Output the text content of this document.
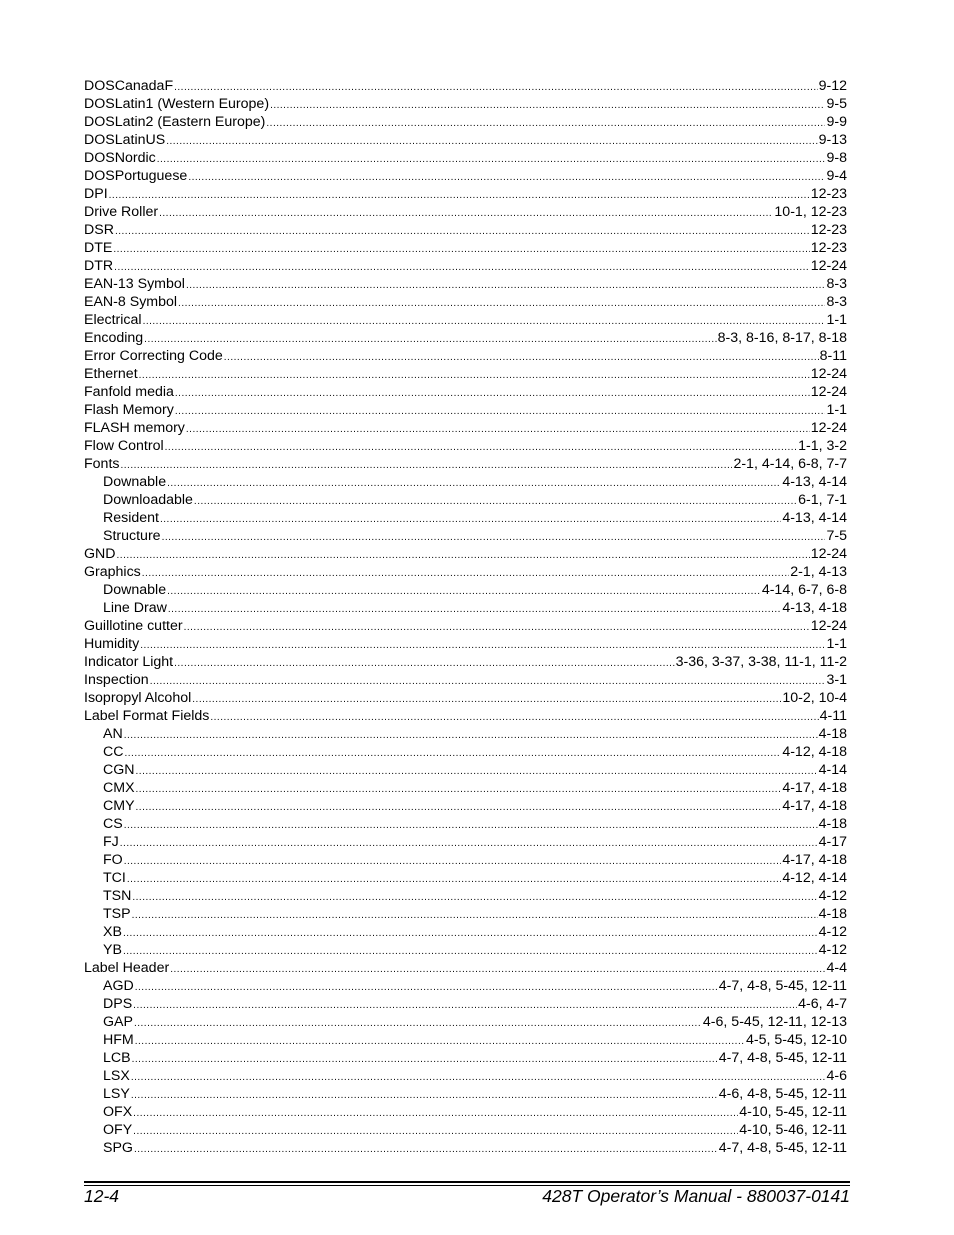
DOSCanadaF .....	9-12
DOSLatin1 (Western Europe) .....	9-5
DOSLatin2 (Eastern Europe) .....	9-9
DOSLatinUS .....	9-13
DOSNordic .....	9-8
DOSPortuguese .....	9-4
DPI .....	12-23
Drive Roller .....	10-1, 12-23
DSR .....	12-23
DTE .....	12-23
DTR .....	12-24
EAN-13 Symbol .....	8-3
EAN-8 Symbol .....	8-3
Electrical .....	1-1
Encoding .....	8-3, 8-16, 8-17, 8-18
Error Correcting Code .....	8-11
Ethernet .....	12-24
Fanfold media .....	12-24
Flash Memory .....	1-1
FLASH memory .....	12-24
Flow Control .....	1-1, 3-2
Fonts .....	2-1, 4-14, 6-8, 7-7
Downable .....	4-13, 4-14
Downloadable .....	6-1, 7-1
Resident .....	4-13, 4-14
Structure .....	7-5
GND .....	12-24
Graphics .....	2-1, 4-13
Downable .....	4-14, 6-7, 6-8
Line Draw .....	4-13, 4-18
Guillotine cutter .....	12-24
Humidity .....	1-1
Indicator Light .....	3-36, 3-37, 3-38, 11-1, 11-2
Inspection .....	3-1
Isopropyl Alcohol .....	10-2, 10-4
Label Format Fields .....	4-11
AN .....	4-18
CC .....	4-12, 4-18
CGN .....	4-14
CMX .....	4-17, 4-18
CMY .....	4-17, 4-18
CS .....	4-18
FJ .....	4-17
FO .....	4-17, 4-18
TCI .....	4-12, 4-14
TSN .....	4-12
TSP .....	4-18
XB .....	4-12
YB .....	4-12
Label Header .....	4-4
AGD .....	4-7, 4-8, 5-45, 12-11
DPS .....	4-6, 4-7
GAP .....	4-6, 5-45, 12-11, 12-13
HFM .....	4-5, 5-45, 12-10
LCB .....	4-7, 4-8, 5-45, 12-11
LSX .....	4-6
LSY .....	4-6, 4-8, 5-45, 12-11
OFX .....	4-10, 5-45, 12-11
OFY .....	4-10, 5-46, 12-11
SPG .....	4-7, 4-8, 5-45, 12-11
12-4	428T Operator’s Manual - 880037-0141
